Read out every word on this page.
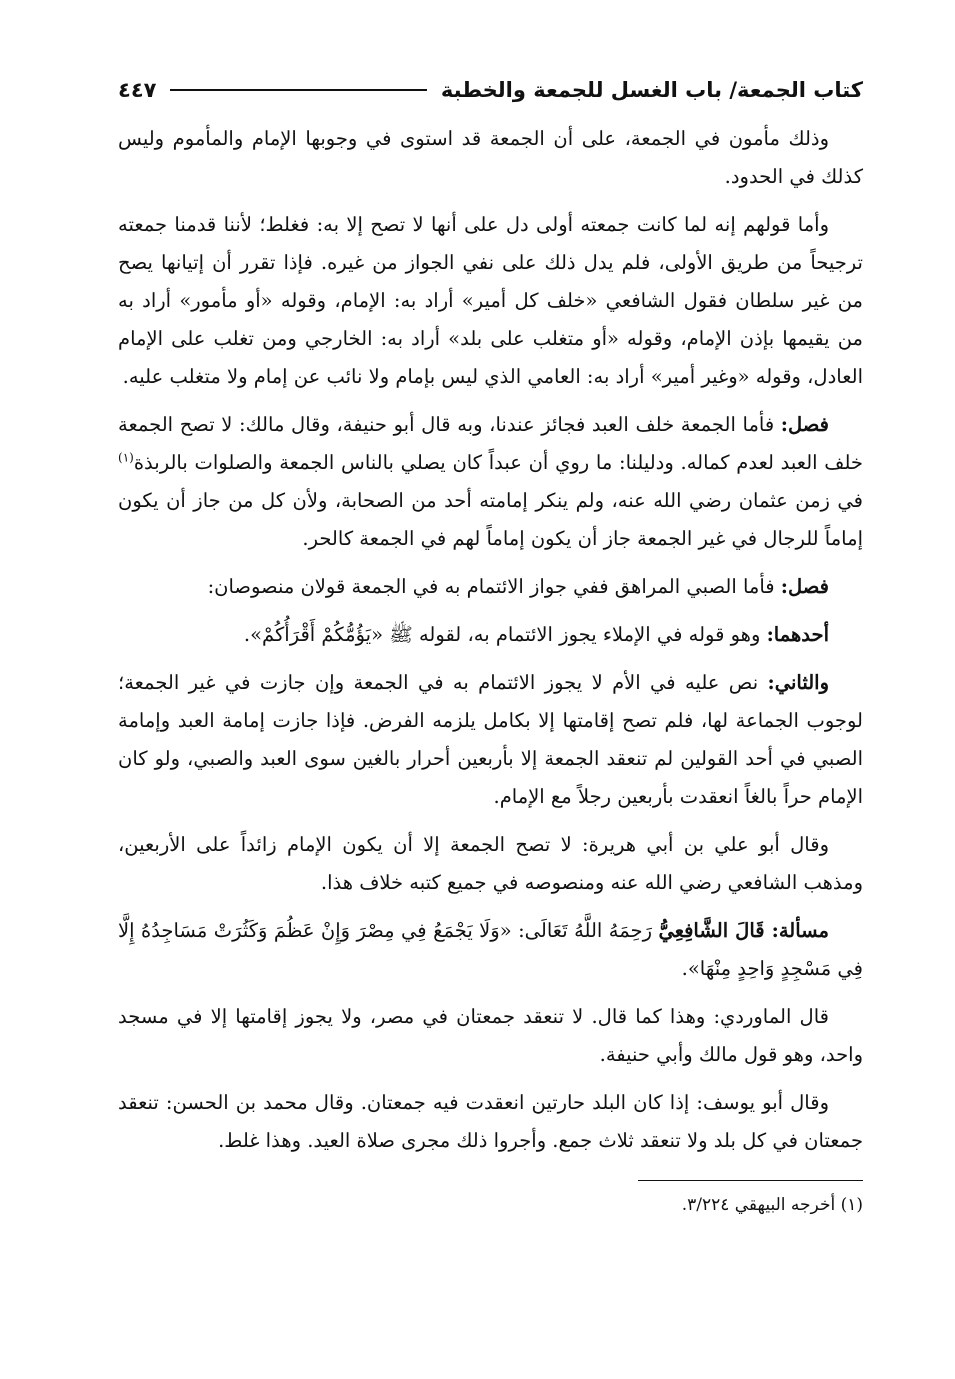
كتاب الجمعة/ باب الغسل للجمعة والخطبة
٤٤٧

وذلك مأمون في الجمعة، على أن الجمعة قد استوى في وجوبها الإمام والمأموم وليس كذلك في الحدود.

وأما قولهم إنه لما كانت جمعته أولى دل على أنها لا تصح إلا به: فغلط؛ لأننا قدمنا جمعته ترجيحاً من طريق الأولى، فلم يدل ذلك على نفي الجواز من غيره. فإذا تقرر أن إتيانها يصح من غير سلطان فقول الشافعي «خلف كل أمير» أراد به: الإمام، وقوله «أو مأمور» أراد به من يقيمها بإذن الإمام، وقوله «أو متغلب على بلد» أراد به: الخارجي ومن تغلب على الإمام العادل، وقوله «وغير أمير» أراد به: العامي الذي ليس بإمام ولا نائب عن إمام ولا متغلب عليه.

فصل: فأما الجمعة خلف العبد فجائز عندنا، وبه قال أبو حنيفة، وقال مالك: لا تصح الجمعة خلف العبد لعدم كماله. ودليلنا: ما روي أن عبداً كان يصلي بالناس الجمعة والصلوات بالربذة$^{(١)}$ في زمن عثمان رضي الله عنه، ولم ينكر إمامته أحد من الصحابة، ولأن كل من جاز أن يكون إماماً للرجال في غير الجمعة جاز أن يكون إماماً لهم في الجمعة كالحر.

فصل: فأما الصبي المراهق ففي جواز الائتمام به في الجمعة قولان منصوصان:

أحدهما: وهو قوله في الإملاء يجوز الائتمام به، لقوله ﷺ «يَؤُمُّكُمْ أَقْرَأُكُمْ».

والثاني: نص عليه في الأم لا يجوز الائتمام به في الجمعة وإن جازت في غير الجمعة؛ لوجوب الجماعة لها، فلم تصح إقامتها إلا بكامل يلزمه الفرض. فإذا جازت إمامة العبد وإمامة الصبي في أحد القولين لم تنعقد الجمعة إلا بأربعين أحرار بالغين سوى العبد والصبي، ولو كان الإمام حراً بالغاً انعقدت بأربعين رجلاً مع الإمام.

وقال أبو علي بن أبي هريرة: لا تصح الجمعة إلا أن يكون الإمام زائداً على الأربعين، ومذهب الشافعي رضي الله عنه ومنصوصه في جميع كتبه خلاف هذا.

مسألة: قَالَ الشَّافِعِيُّ رَحِمَهُ اللَّهُ تَعَالَى: «وَلَا يَجْمَعُ فِي مِصْرَ وَإِنْ عَظُمَ وَكَثُرَتْ مَسَاجِدُهُ إِلَّا فِي مَسْجِدٍ وَاحِدٍ مِنْهَا».

قال الماوردي: وهذا كما قال. لا تنعقد جمعتان في مصر، ولا يجوز إقامتها إلا في مسجد واحد، وهو قول مالك وأبي حنيفة.

وقال أبو يوسف: إذا كان البلد حارتين انعقدت فيه جمعتان. وقال محمد بن الحسن: تنعقد جمعتان في كل بلد ولا تنعقد ثلاث جمع. وأجروا ذلك مجرى صلاة العيد. وهذا غلط.

(١) أخرجه البيهقي ٣/٢٢٤.
